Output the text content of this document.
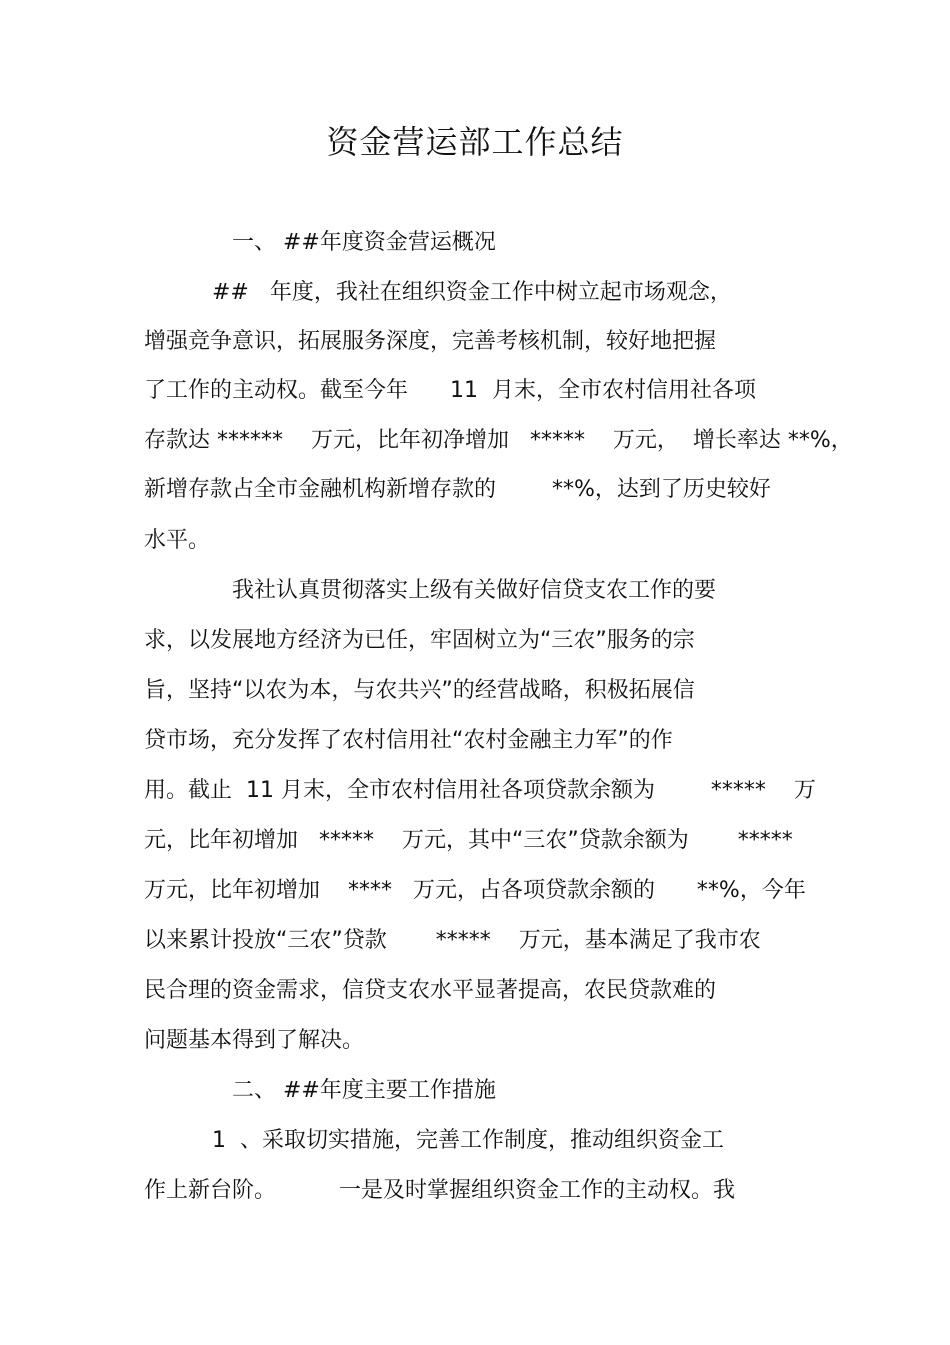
资金营运部工作总结
一、 ##年度资金营运概况
##   年度，我社在组织资金工作中树立起市场观念，
增强竞争意识，拓展服务深度，完善考核机制，较好地把握
了工作的主动权。截至今年      11  月末，全市农村信用社各项
存款达 ******    万元，比年初净增加   *****    万元，  增长率达 **%，
新增存款占全市金融机构新增存款的        **%，达到了历史较好
水平。
我社认真贯彻落实上级有关做好信贷支农工作的要
求，以发展地方经济为已任，牢固树立为“三农”服务的宗
旨，坚持“以农为本，与农共兴”的经营战略，积极拓展信
贷市场，充分发挥了农村信用社“农村金融主力军”的作
用。截止  11 月末，全市农村信用社各项贷款余额为        *****    万
元，比年初增加   *****    万元，其中“三农”贷款余额为       *****
万元，比年初增加    ****   万元，占各项贷款余额的      **%，今年
以来累计投放“三农”贷款       *****    万元，基本满足了我市农
民合理的资金需求，信贷支农水平显著提高，农民贷款难的
问题基本得到了解决。
二、 ##年度主要工作措施
1  、采取切实措施，完善工作制度，推动组织资金工
作上新台阶。         一是及时掌握组织资金工作的主动权。我
